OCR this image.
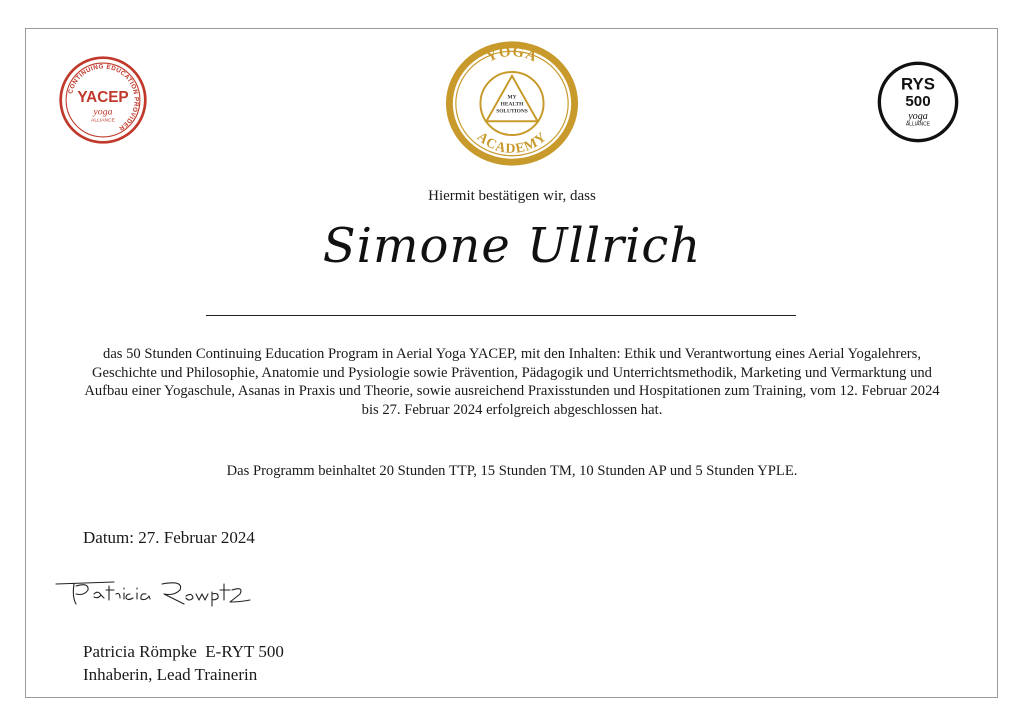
CONTINUING EDUCATION PROVIDER
YACEP
yoga
ALLIANCE
YOGA
ACADEMY
MY
HEALTH
SOLUTIONS
RYS
500
yoga
ALLIANCE
Hiermit bestätigen wir, dass
Simone Ullrich
das 50 Stunden Continuing Education Program in Aerial Yoga YACEP, mit den Inhalten: Ethik und Verantwortung eines Aerial Yogalehrers, Geschichte und Philosophie, Anatomie und Pysiologie sowie Prävention, Pädagogik und Unterrichtsmethodik, Marketing und Vermarktung und Aufbau einer Yogaschule, Asanas in Praxis und Theorie, sowie ausreichend Praxisstunden und Hospitationen zum Training, vom 12. Februar 2024 bis 27. Februar 2024 erfolgreich abgeschlossen hat.
Das Programm beinhaltet 20 Stunden TTP, 15 Stunden TM, 10 Stunden AP und 5 Stunden YPLE.
Datum: 27. Februar 2024
Patricia Römpke  E-RYT 500
Inhaberin, Lead Trainerin
